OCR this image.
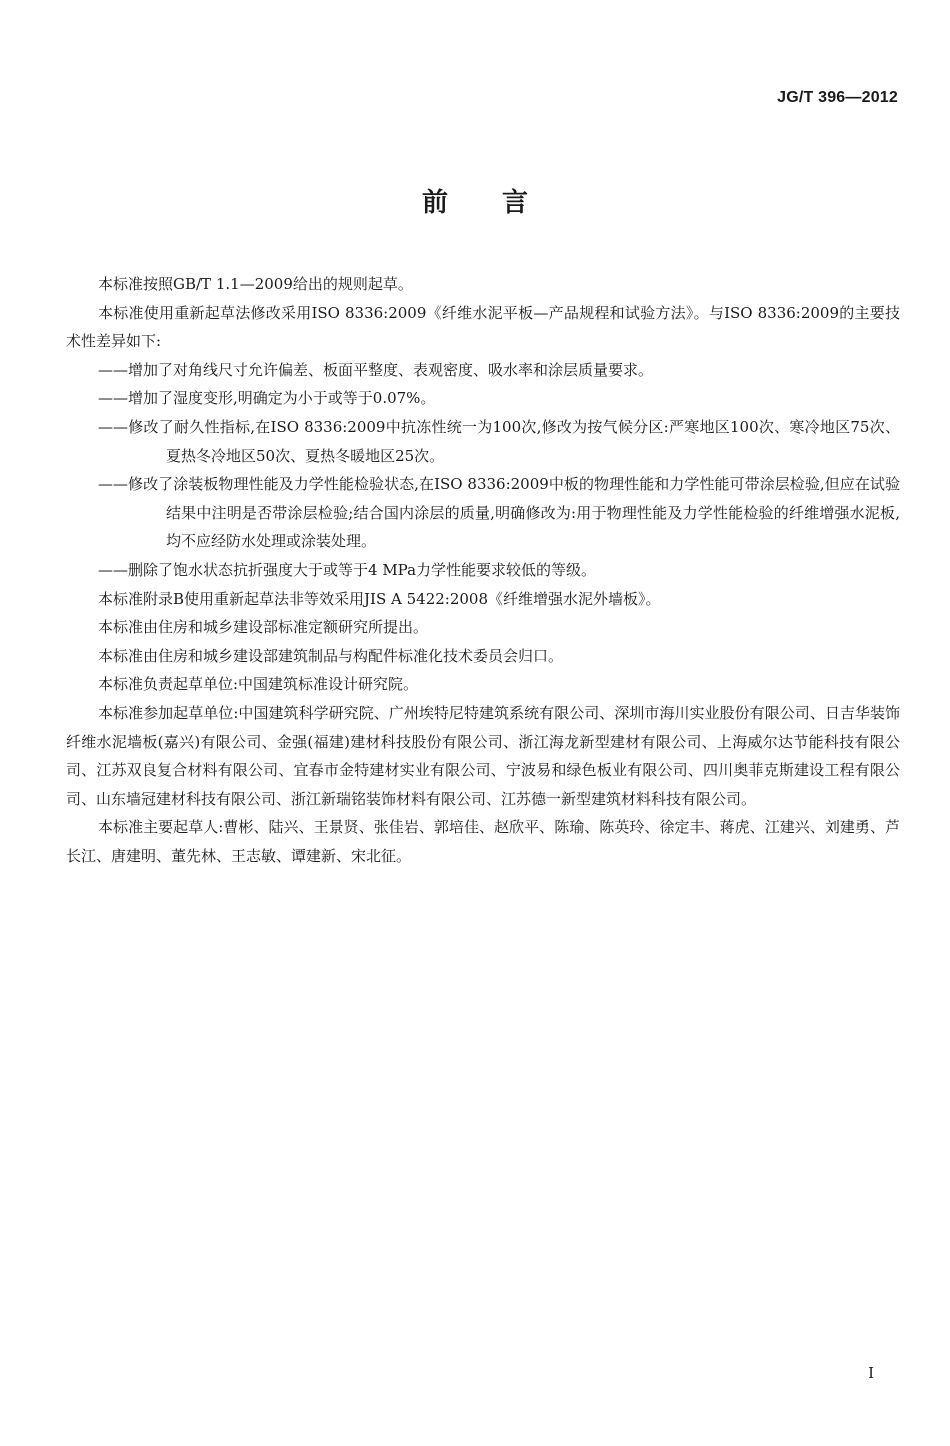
JG/T 396—2012
前言

本标准按照GB/T 1.1—2009给出的规则起草。

本标准使用重新起草法修改采用ISO 8336:2009《纤维水泥平板—产品规程和试验方法》。与ISO 8336:2009的主要技术性差异如下:

——增加了对角线尺寸允许偏差、板面平整度、表观密度、吸水率和涂层质量要求。

——增加了湿度变形,明确定为小于或等于0.07%。

——修改了耐久性指标,在ISO 8336:2009中抗冻性统一为100次,修改为按气候分区:严寒地区100次、寒冷地区75次、夏热冬冷地区50次、夏热冬暖地区25次。

——修改了涂装板物理性能及力学性能检验状态,在ISO 8336:2009中板的物理性能和力学性能可带涂层检验,但应在试验结果中注明是否带涂层检验;结合国内涂层的质量,明确修改为:用于物理性能及力学性能检验的纤维增强水泥板,均不应经防水处理或涂装处理。

——删除了饱水状态抗折强度大于或等于4 MPa力学性能要求较低的等级。

本标准附录B使用重新起草法非等效采用JIS A 5422:2008《纤维增强水泥外墙板》。

本标准由住房和城乡建设部标准定额研究所提出。

本标准由住房和城乡建设部建筑制品与构配件标准化技术委员会归口。

本标准负责起草单位:中国建筑标准设计研究院。

本标准参加起草单位:中国建筑科学研究院、广州埃特尼特建筑系统有限公司、深圳市海川实业股份有限公司、日吉华装饰纤维水泥墙板(嘉兴)有限公司、金强(福建)建材科技股份有限公司、浙江海龙新型建材有限公司、上海威尔达节能科技有限公司、江苏双良复合材料有限公司、宜春市金特建材实业有限公司、宁波易和绿色板业有限公司、四川奥菲克斯建设工程有限公司、山东墙冠建材科技有限公司、浙江新瑞铭装饰材料有限公司、江苏德一新型建筑材料科技有限公司。

本标准主要起草人:曹彬、陆兴、王景贤、张佳岩、郭培佳、赵欣平、陈瑜、陈英玲、徐定丰、蒋虎、江建兴、刘建勇、芦长江、唐建明、董先林、王志敏、谭建新、宋北征。

I
